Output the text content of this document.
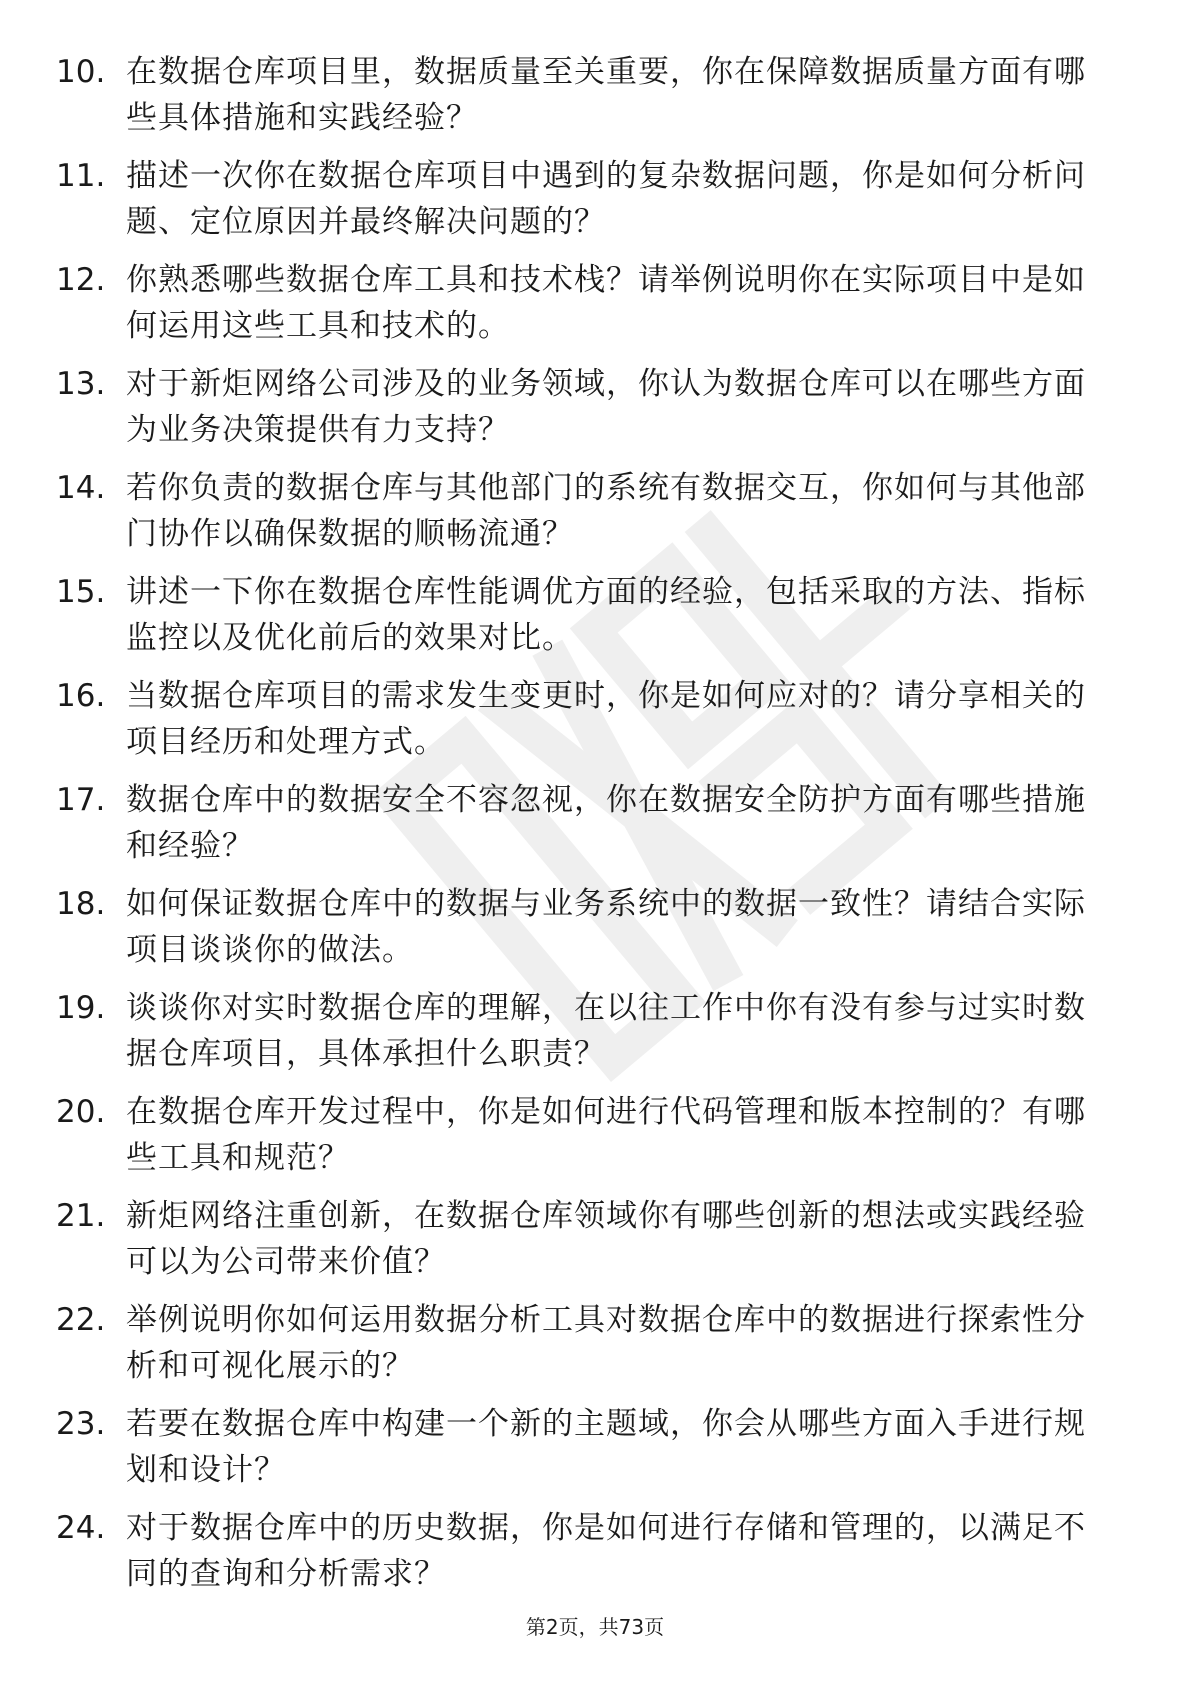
10. 在数据仓库项目里，数据质量至关重要，你在保障数据质量方面有哪些具体措施和实践经验？
11. 描述一次你在数据仓库项目中遇到的复杂数据问题，你是如何分析问题、定位原因并最终解决问题的？
12. 你熟悉哪些数据仓库工具和技术栈？请举例说明你在实际项目中是如何运用这些工具和技术的。
13. 对于新炬网络公司涉及的业务领域，你认为数据仓库可以在哪些方面为业务决策提供有力支持？
14. 若你负责的数据仓库与其他部门的系统有数据交互，你如何与其他部门协作以确保数据的顺畅流通？
15. 讲述一下你在数据仓库性能调优方面的经验，包括采取的方法、指标监控以及优化前后的效果对比。
16. 当数据仓库项目的需求发生变更时，你是如何应对的？请分享相关的项目经历和处理方式。
17. 数据仓库中的数据安全不容忽视，你在数据安全防护方面有哪些措施和经验？
18. 如何保证数据仓库中的数据与业务系统中的数据一致性？请结合实际项目谈谈你的做法。
19. 谈谈你对实时数据仓库的理解，在以往工作中你有没有参与过实时数据仓库项目，具体承担什么职责？
20. 在数据仓库开发过程中，你是如何进行代码管理和版本控制的？有哪些工具和规范？
21. 新炬网络注重创新，在数据仓库领域你有哪些创新的想法或实践经验可以为公司带来价值？
22. 举例说明你如何运用数据分析工具对数据仓库中的数据进行探索性分析和可视化展示的？
23. 若要在数据仓库中构建一个新的主题域，你会从哪些方面入手进行规划和设计？
24. 对于数据仓库中的历史数据，你是如何进行存储和管理的，以满足不同的查询和分析需求？
第2页，共73页
